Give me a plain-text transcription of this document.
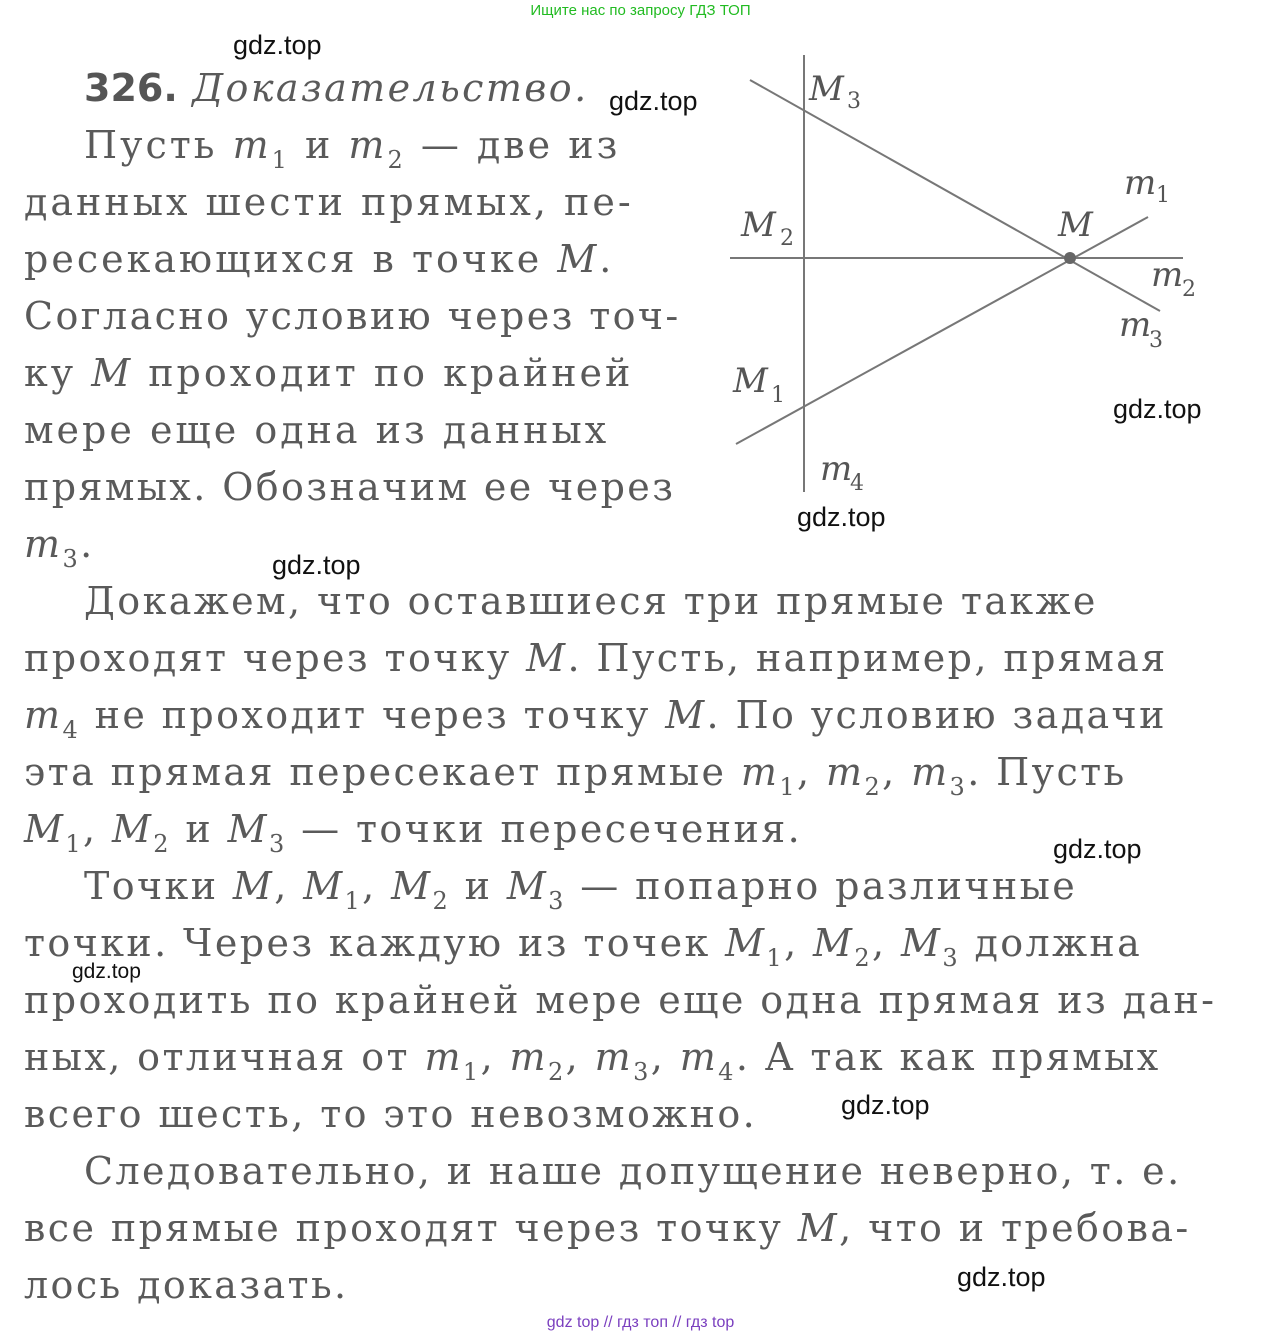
Ищите нас по запросу ГДЗ ТОП
gdz.top
gdz.top
gdz.top
gdz.top
gdz.top
gdz.top
gdz.top
gdz.top
gdz.top
M
M 3
M 2
M 1
m 1
m
2
m
3
m
4
326. Доказательство.
Пусть $m_1$ и $m_2$ — две из
данных шести прямых, пе-
ресекающихся в точке M.
Согласно условию через точ-
ку M проходит по крайней
мере еще одна из данных
прямых. Обозначим ее через
$m_3$.
Докажем, что оставшиеся три прямые также
проходят через точку M. Пусть, например, прямая
$m_4$ не проходит через точку M. По условию задачи
эта прямая пересекает прямые $m_1$, $m_2$, $m_3$. Пусть
$M_1$, $M_2$ и $M_3$ — точки пересечения.
Точки M, $M_1$, $M_2$ и $M_3$ — попарно различные
точки. Через каждую из точек $M_1$, $M_2$, $M_3$ должна
проходить по крайней мере еще одна прямая из дан-
ных, отличная от $m_1$, $m_2$, $m_3$, $m_4$. А так как прямых
всего шесть, то это невозможно.
Следовательно, и наше допущение неверно, т. е.
все прямые проходят через точку M, что и требова-
лось доказать.
gdz top // гдз топ // гдз top
